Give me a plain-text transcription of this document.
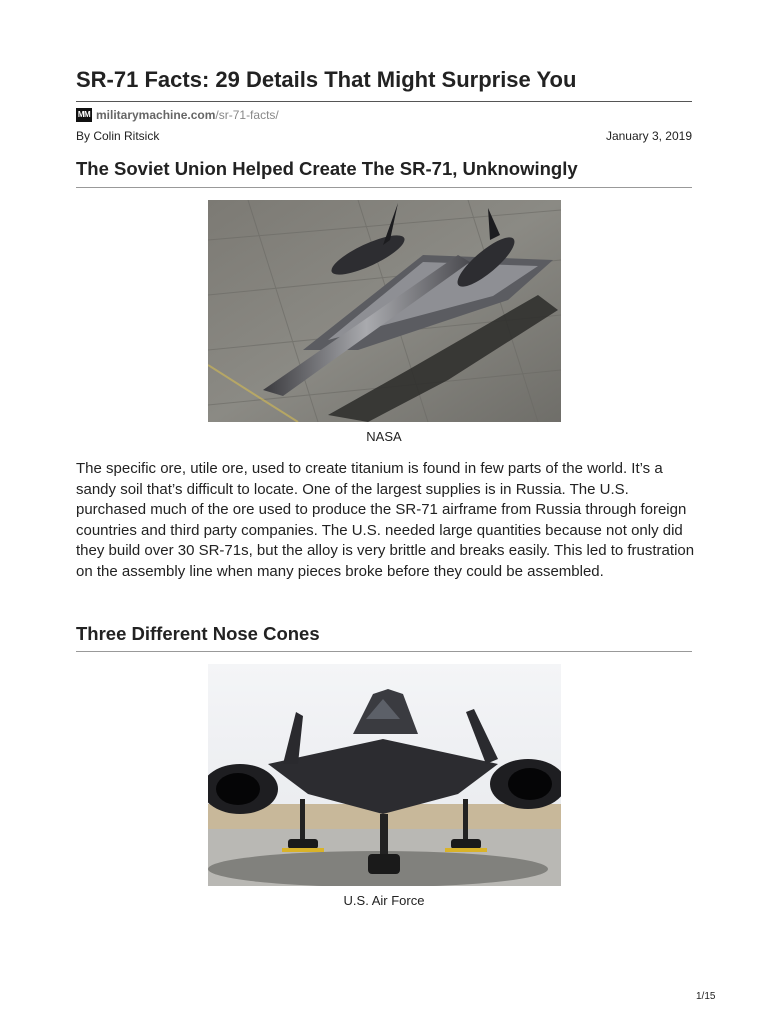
SR-71 Facts: 29 Details That Might Surprise You
MM militarymachine.com /sr-71-facts/
By Colin Ritsick	January 3, 2019
The Soviet Union Helped Create The SR-71, Unknowingly
NASA

The specific ore, utile ore, used to create titanium is found in few parts of the world. It’s a sandy soil that’s difficult to locate. One of the largest supplies is in Russia. The U.S. purchased much of the ore used to produce the SR-71 airframe from Russia through foreign countries and third party companies. The U.S. needed large quantities because not only did they build over 30 SR-71s, but the alloy is very brittle and breaks easily. This led to frustration on the assembly line when many pieces broke before they could be assembled.

Three Different Nose Cones
U.S. Air Force
1/15
